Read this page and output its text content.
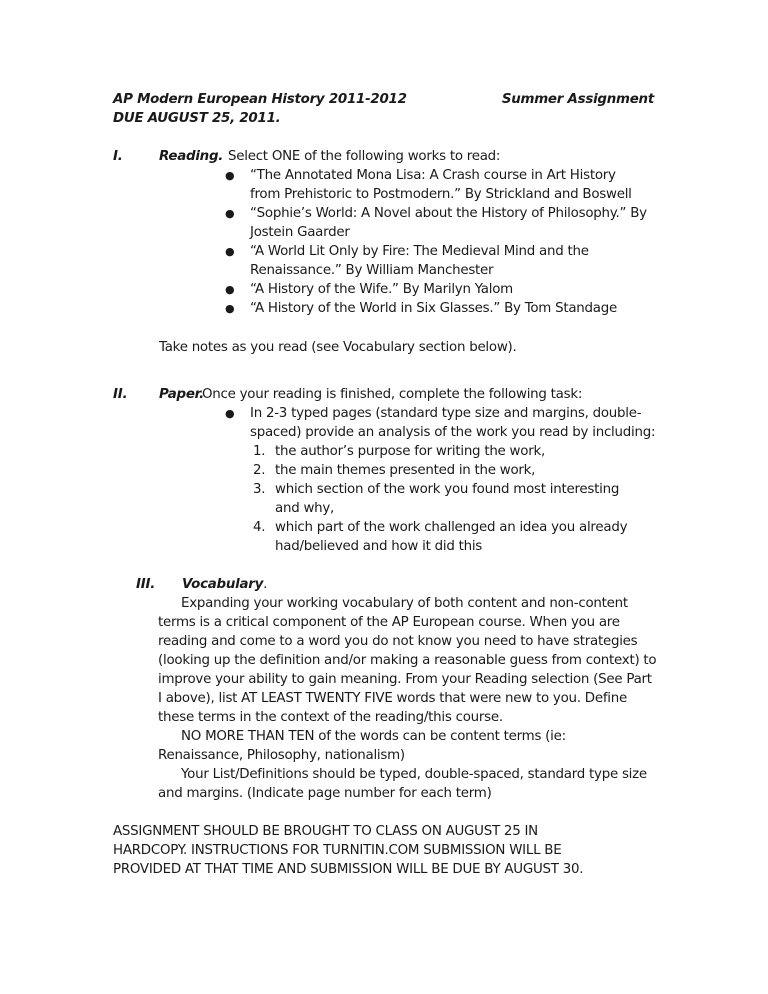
AP Modern European History 2011-2012
DUE AUGUST 25, 2011.
Summer Assignment
I.	Reading. Select ONE of the following works to read:
● “The Annotated Mona Lisa: A Crash course in Art History
from Prehistoric to Postmodern.” By Strickland and Boswell
● “Sophie’s World: A Novel about the History of Philosophy.” By
Jostein Gaarder
● “A World Lit Only by Fire: The Medieval Mind and the
Renaissance.” By William Manchester
● “A History of the Wife.” By Marilyn Yalom
● “A History of the World in Six Glasses.” By Tom Standage
Take notes as you read (see Vocabulary section below).
II. Paper.
Once your reading is finished, complete the following task:
● In 2-3 typed pages (standard type size and margins, double-
spaced) provide an analysis of the work you read by including:
1. the author’s purpose for writing the work,
2. the main themes presented in the work,
3. which section of the work you found most interesting
and why,
4. which part of the work challenged an idea you already
had/believed and how it did this
III. Vocabulary.
Expanding your working vocabulary of both content and non-content
terms is a critical component of the AP European course. When you are
reading and come to a word you do not know you need to have strategies
(looking up the definition and/or making a reasonable guess from context) to
improve your ability to gain meaning. From your Reading selection (See Part
I above), list AT LEAST TWENTY FIVE words that were new to you. Define
these terms in the context of the reading/this course.
NO MORE THAN TEN of the words can be content terms (ie:
Renaissance, Philosophy, nationalism)
Your List/Definitions should be typed, double-spaced, standard type size
and margins. (Indicate page number for each term)
ASSIGNMENT SHOULD BE BROUGHT TO CLASS ON AUGUST 25 IN
HARDCOPY. INSTRUCTIONS FOR TURNITIN.COM SUBMISSION WILL BE
PROVIDED AT THAT TIME AND SUBMISSION WILL BE DUE BY AUGUST 30.
